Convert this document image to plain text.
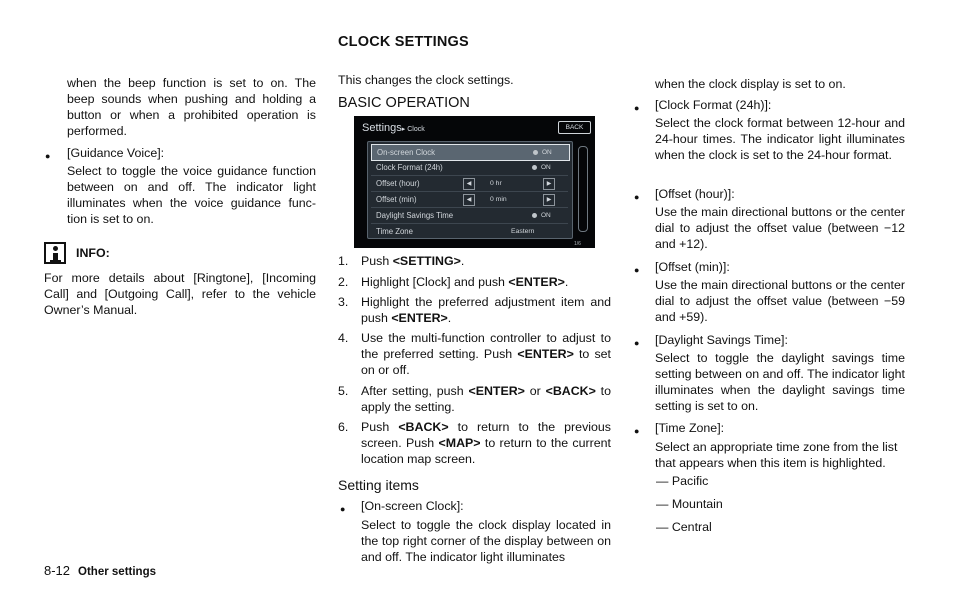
CLOCK SETTINGS
when the beep function is set to on. The beep sounds when pushing and holding a button or when a prohibited operation is performed.
● [Guidance Voice]:
Select to toggle the voice guidance function between on and off. The indicator light illuminates when the voice guidance func-tion is set to on.
INFO:
For more details about [Ringtone], [Incoming Call] and [Outgoing Call], refer to the vehicle Owner’s Manual.
This changes the clock settings.
BASIC OPERATION
Settings▸ Clock	BACK
On-screen Clock	ON
Clock Format (24h)	ON
Offset (hour)	◀	0 hr	▶
Offset (min)	◀	0 min	▶
Daylight Savings Time	ON
Time Zone	Eastern
1/6
1. Push <SETTING>.
2. Highlight [Clock] and push <ENTER>.
3. Highlight the preferred adjustment item and push <ENTER>.
4. Use the multi-function controller to adjust to the preferred setting. Push <ENTER> to set on or off.
5. After setting, push <ENTER> or <BACK> to apply the setting.
6. Push <BACK> to return to the previous screen. Push <MAP> to return to the current location map screen.
Setting items
● [On-screen Clock]:
Select to toggle the clock display located in the top right corner of the display between on and off. The indicator light illuminates
when the clock display is set to on.
● [Clock Format (24h)]:
Select the clock format between 12-hour and 24-hour times. The indicator light illuminates when the clock is set to the 24-hour format.
● [Offset (hour)]:
Use the main directional buttons or the center dial to adjust the offset value (between −12 and +12).
● [Offset (min)]:
Use the main directional buttons or the center dial to adjust the offset value (between −59 and +59).
● [Daylight Savings Time]:
Select to toggle the daylight savings time setting between on and off. The indicator light illuminates when the daylight savings time setting is set to on.
● [Time Zone]:
Select an appropriate time zone from the list that appears when this item is highlighted.
— Pacific
— Mountain
— Central
8-12 Other settings
